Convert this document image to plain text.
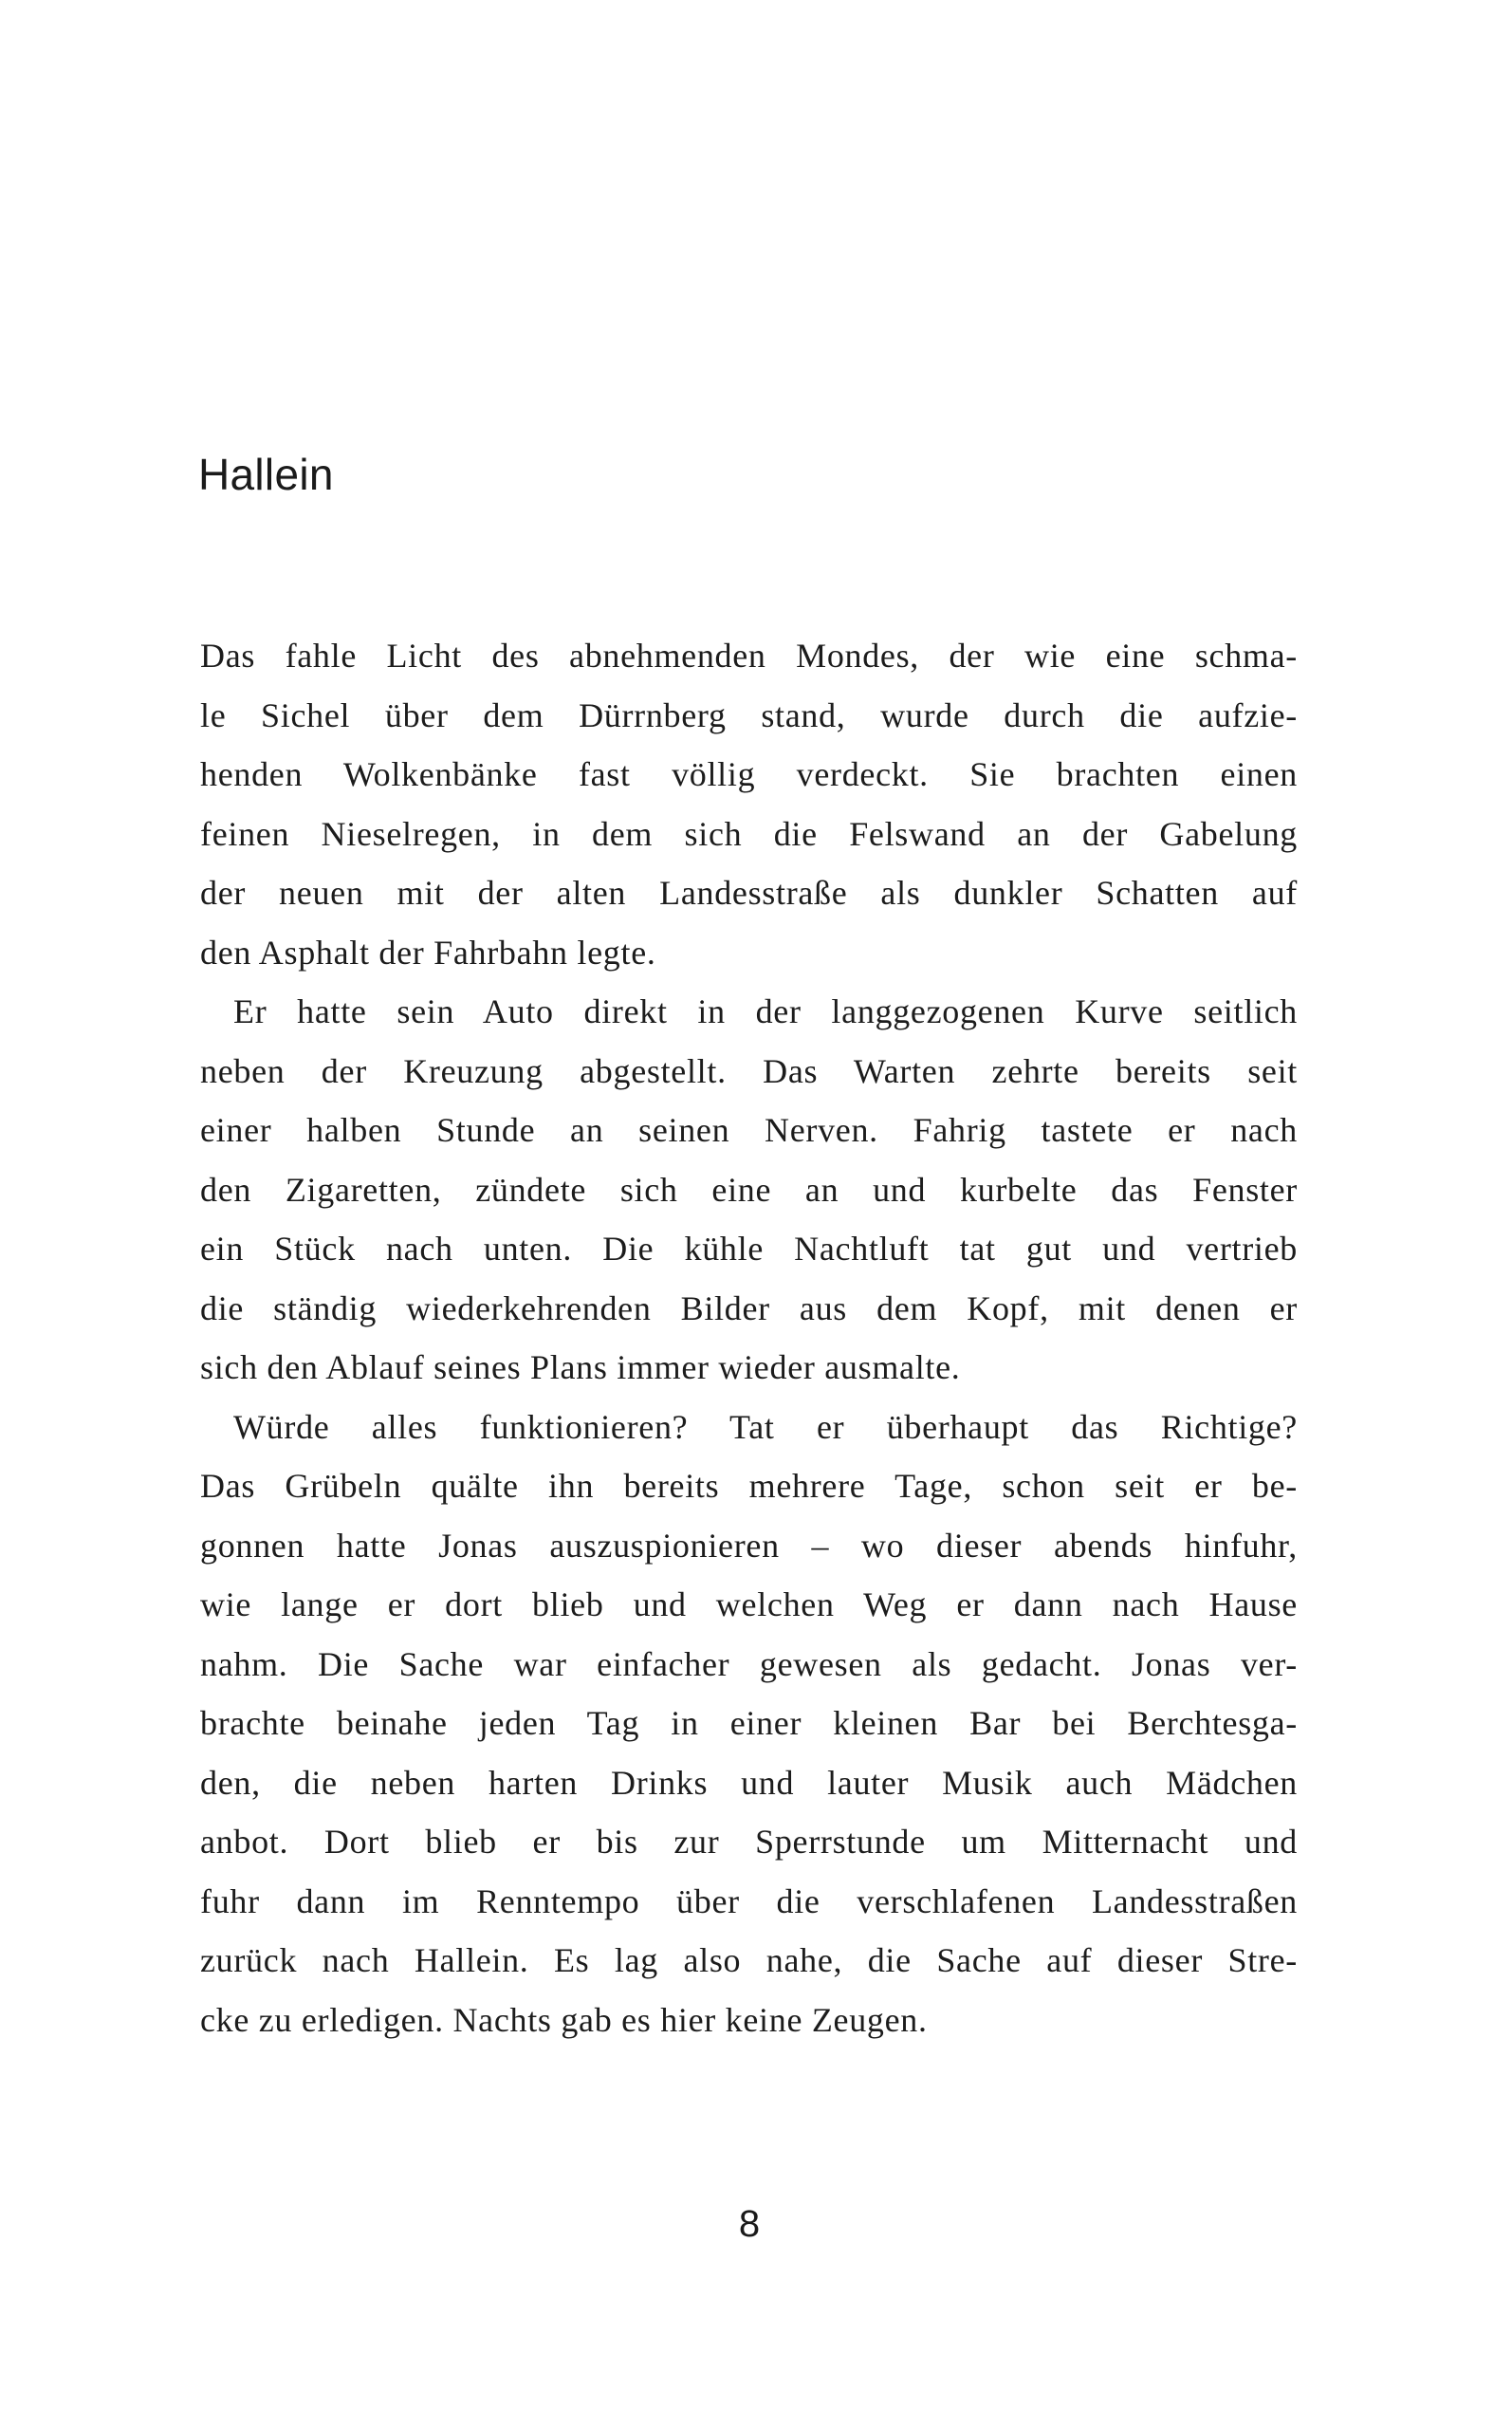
Hallein
Das fahle Licht des abnehmenden Mondes, der wie eine schma-
le Sichel über dem Dürrnberg stand, wurde durch die aufzie-
henden Wolkenbänke fast völlig verdeckt. Sie brachten einen
feinen Nieselregen, in dem sich die Felswand an der Gabelung
der neuen mit der alten Landesstraße als dunkler Schatten auf
den Asphalt der Fahrbahn legte.
Er hatte sein Auto direkt in der langgezogenen Kurve seitlich
neben der Kreuzung abgestellt. Das Warten zehrte bereits seit
einer halben Stunde an seinen Nerven. Fahrig tastete er nach
den Zigaretten, zündete sich eine an und kurbelte das Fenster
ein Stück nach unten. Die kühle Nachtluft tat gut und vertrieb
die ständig wiederkehrenden Bilder aus dem Kopf, mit denen er
sich den Ablauf seines Plans immer wieder ausmalte.
Würde alles funktionieren? Tat er überhaupt das Richtige?
Das Grübeln quälte ihn bereits mehrere Tage, schon seit er be-
gonnen hatte Jonas auszuspionieren – wo dieser abends hinfuhr,
wie lange er dort blieb und welchen Weg er dann nach Hause
nahm. Die Sache war einfacher gewesen als gedacht. Jonas ver-
brachte beinahe jeden Tag in einer kleinen Bar bei Berchtesga-
den, die neben harten Drinks und lauter Musik auch Mädchen
anbot. Dort blieb er bis zur Sperrstunde um Mitternacht und
fuhr dann im Renntempo über die verschlafenen Landesstraßen
zurück nach Hallein. Es lag also nahe, die Sache auf dieser Stre-
cke zu erledigen. Nachts gab es hier keine Zeugen.
8
